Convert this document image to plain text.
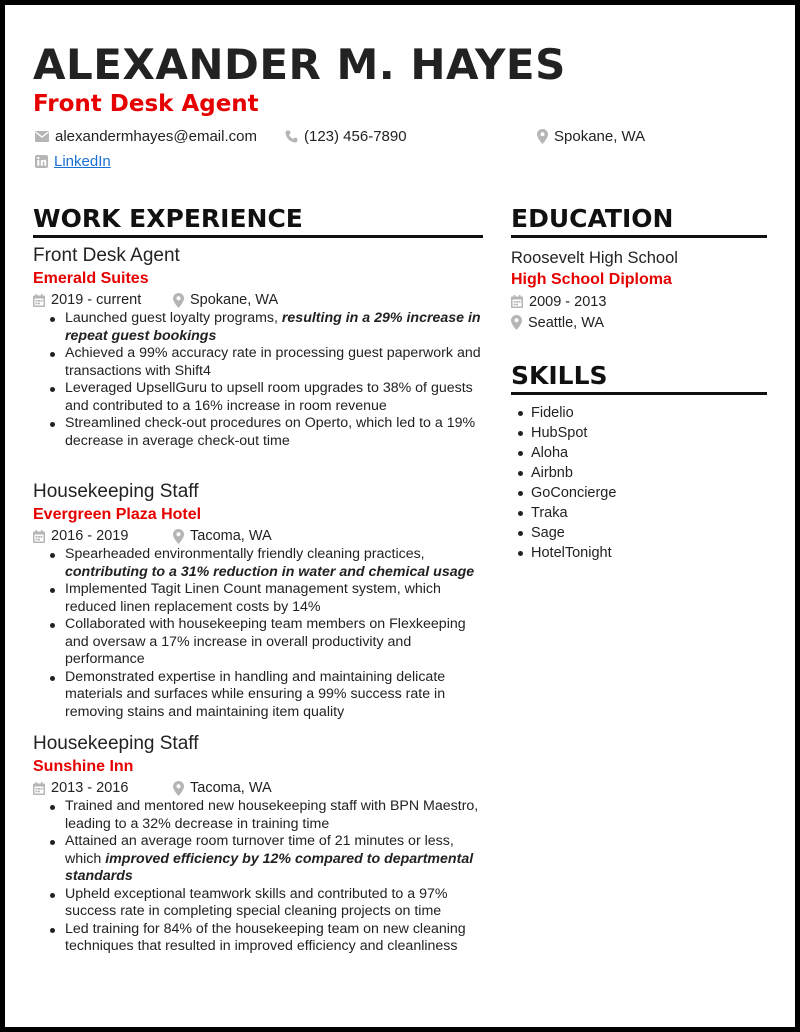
ALEXANDER M. HAYES
Front Desk Agent
alexandermhayes@email.com	(123) 456-7890	Spokane, WA
LinkedIn
WORK EXPERIENCE

Front Desk Agent

Emerald Suites

2019 - current	Spokane, WA
Launched guest loyalty programs, resulting in a 29% increase in repeat guest bookings
Achieved a 99% accuracy rate in processing guest paperwork and transactions with Shift4
Leveraged UpsellGuru to upsell room upgrades to 38% of guests and contributed to a 16% increase in room revenue
Streamlined check-out procedures on Operto, which led to a 19% decrease in average check-out time

Housekeeping Staff

Evergreen Plaza Hotel

2016 - 2019	Tacoma, WA
Spearheaded environmentally friendly cleaning practices, contributing to a 31% reduction in water and chemical usage
Implemented Tagit Linen Count management system, which reduced linen replacement costs by 14%
Collaborated with housekeeping team members on Flexkeeping and oversaw a 17% increase in overall productivity and performance
Demonstrated expertise in handling and maintaining delicate materials and surfaces while ensuring a 99% success rate in removing stains and maintaining item quality

Housekeeping Staff

Sunshine Inn

2013 - 2016	Tacoma, WA
Trained and mentored new housekeeping staff with BPN Maestro, leading to a 32% decrease in training time
Attained an average room turnover time of 21 minutes or less, which improved efficiency by 12% compared to departmental standards
Upheld exceptional teamwork skills and contributed to a 97% success rate in completing special cleaning projects on time
Led training for 84% of the housekeeping team on new cleaning techniques that resulted in improved efficiency and cleanliness
EDUCATION

Roosevelt High School

High School Diploma

2009 - 2013
Seattle, WA
SKILLS
Fidelio
HubSpot
Aloha
Airbnb
GoConcierge
Traka
Sage
HotelTonight
